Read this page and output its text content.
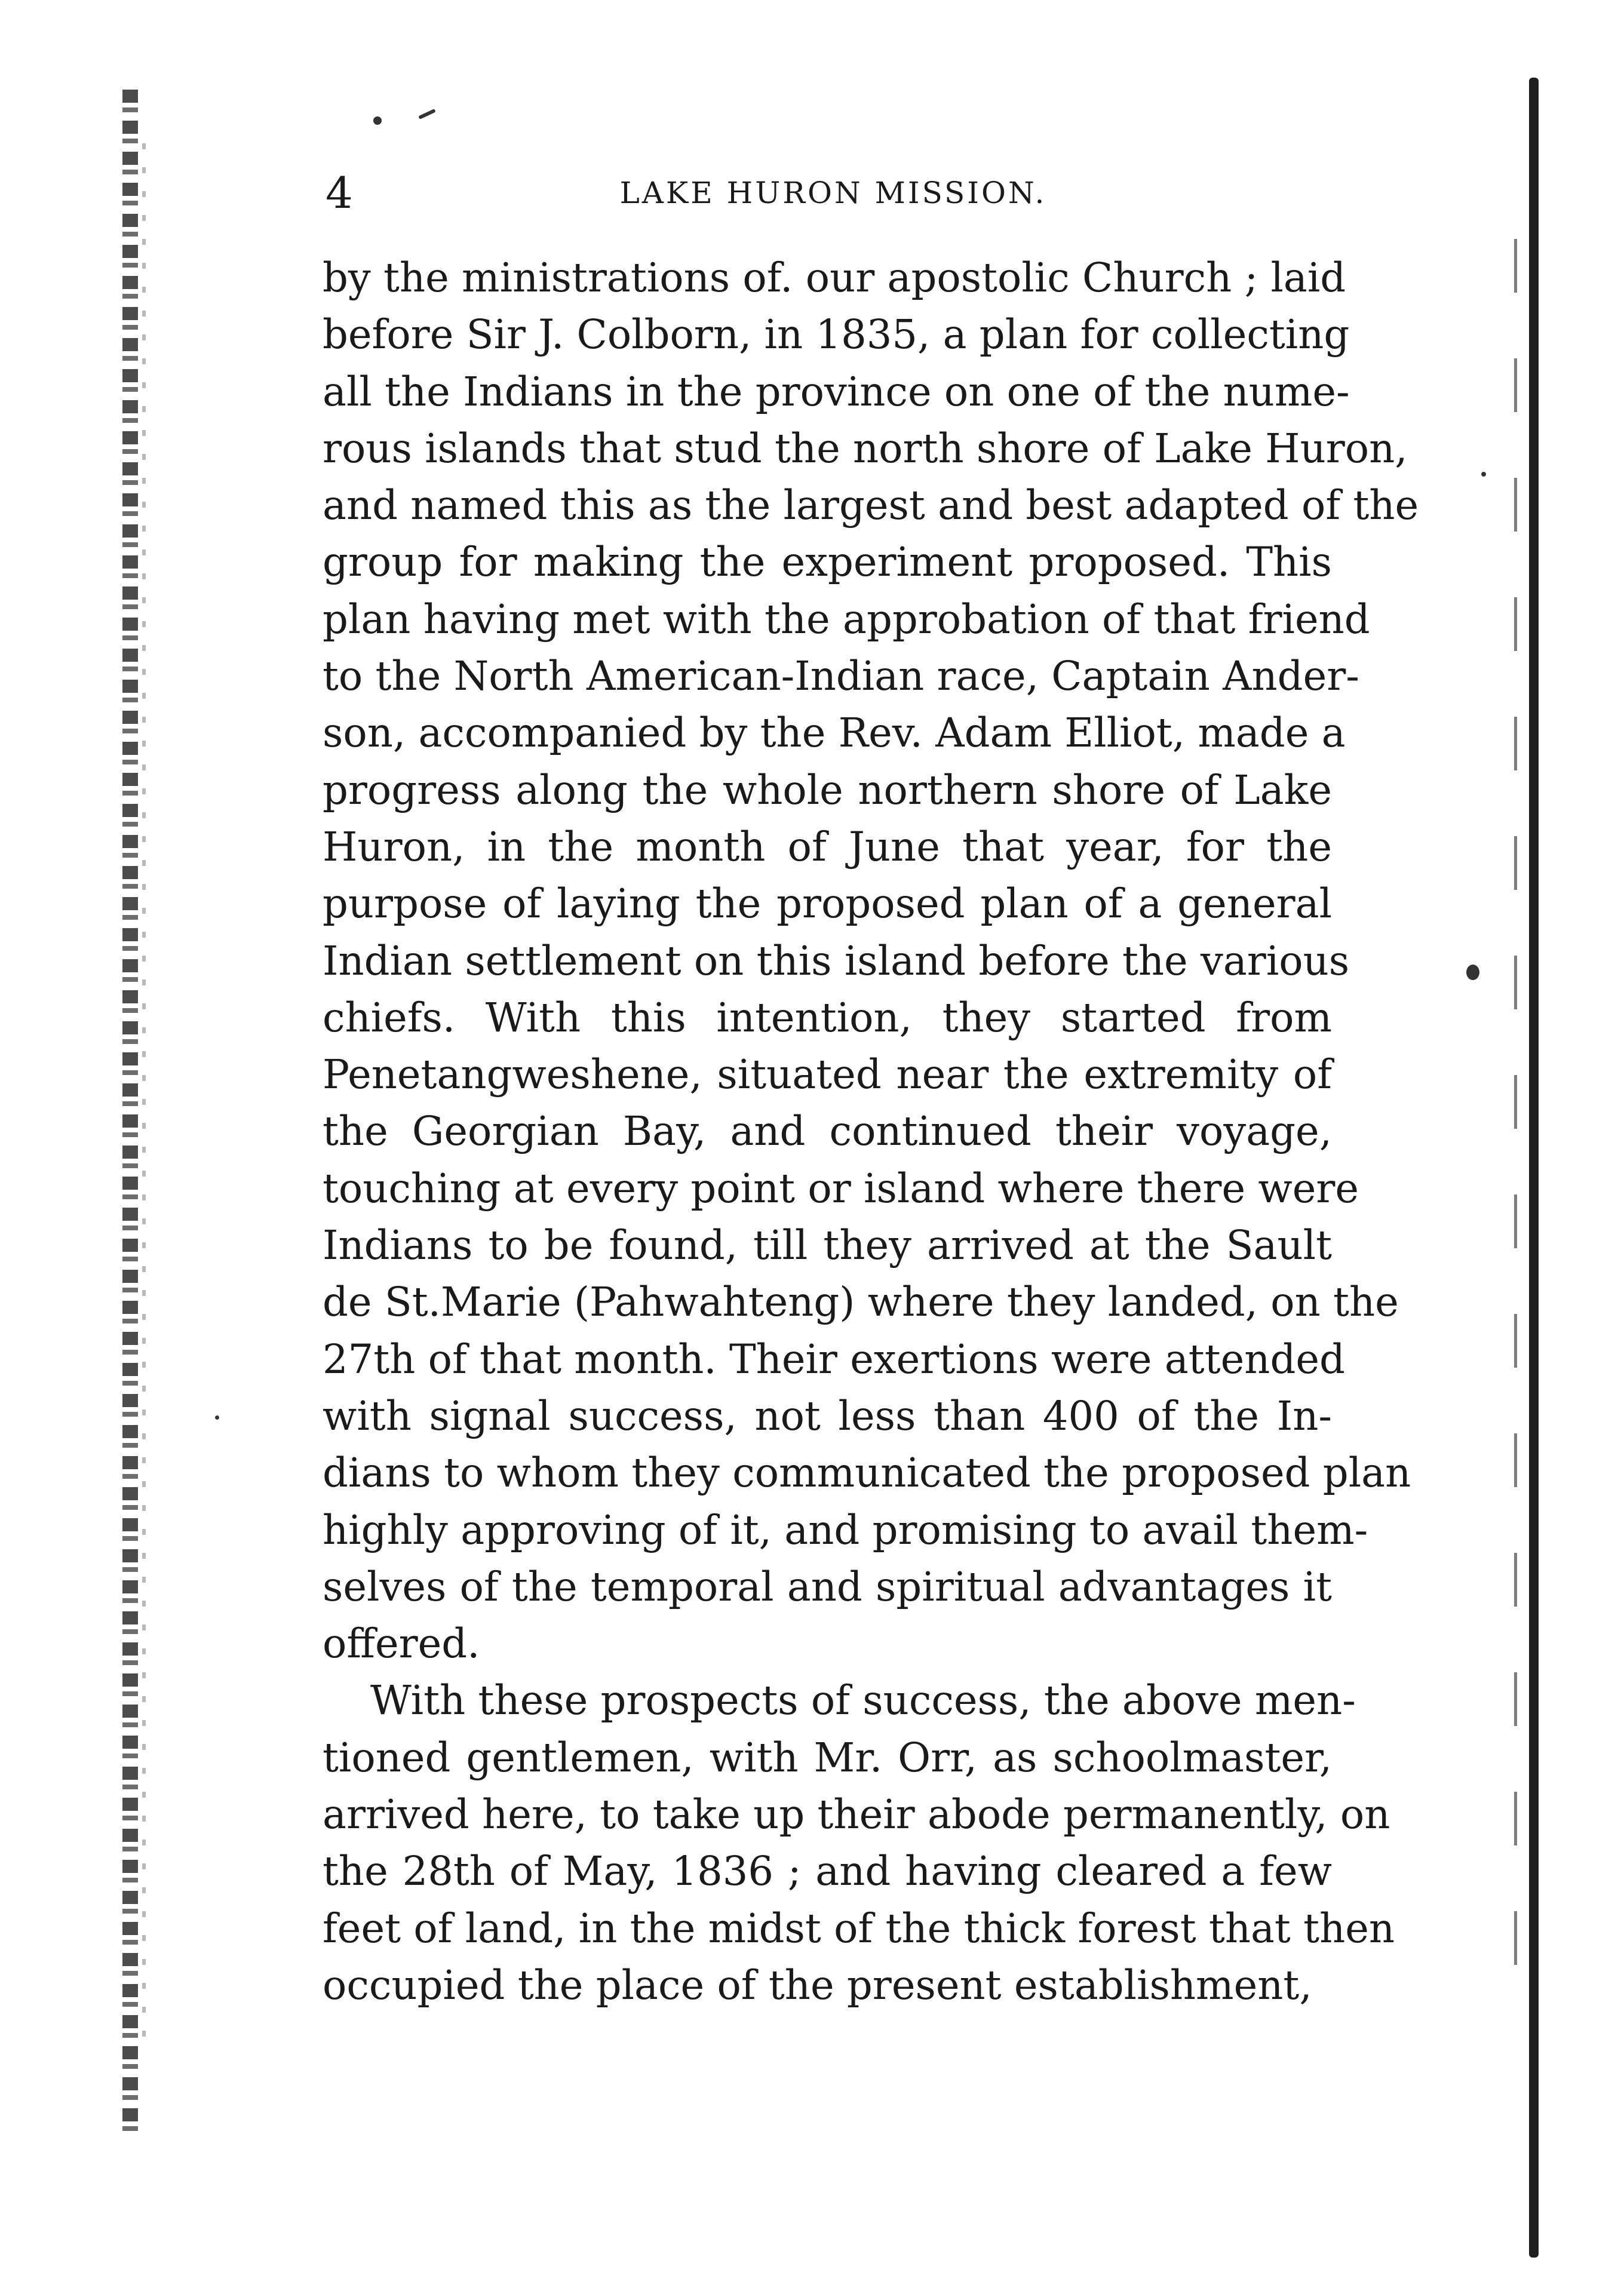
4	LAKE HURON MISSION.
by the ministrations of. our apostolic Church ; laid
before Sir J. Colborn, in 1835, a plan for collecting
all the Indians in the province on one of the nume-
rous islands that stud the north shore of Lake Huron,
and named this as the largest and best adapted of the
group for making the experiment proposed. This
plan having met with the approbation of that friend
to the North American-Indian race, Captain Ander-
son, accompanied by the Rev. Adam Elliot, made a
progress along the whole northern shore of Lake
Huron, in the month of June that year, for the
purpose of laying the proposed plan of a general
Indian settlement on this island before the various
chiefs. With this intention, they started from
Penetangweshene, situated near the extremity of
the Georgian Bay, and continued their voyage,
touching at every point or island where there were
Indians to be found, till they arrived at the Sault
de St.Marie (Pahwahteng) where they landed, on the
27th of that month. Their exertions were attended
with signal success, not less than 400 of the In-
dians to whom they communicated the proposed plan
highly approving of it, and promising to avail them-
selves of the temporal and spiritual advantages it
offered.
With these prospects of success, the above men-
tioned gentlemen, with Mr. Orr, as schoolmaster,
arrived here, to take up their abode permanently, on
the 28th of May, 1836 ; and having cleared a few
feet of land, in the midst of the thick forest that then
occupied the place of the present establishment,
